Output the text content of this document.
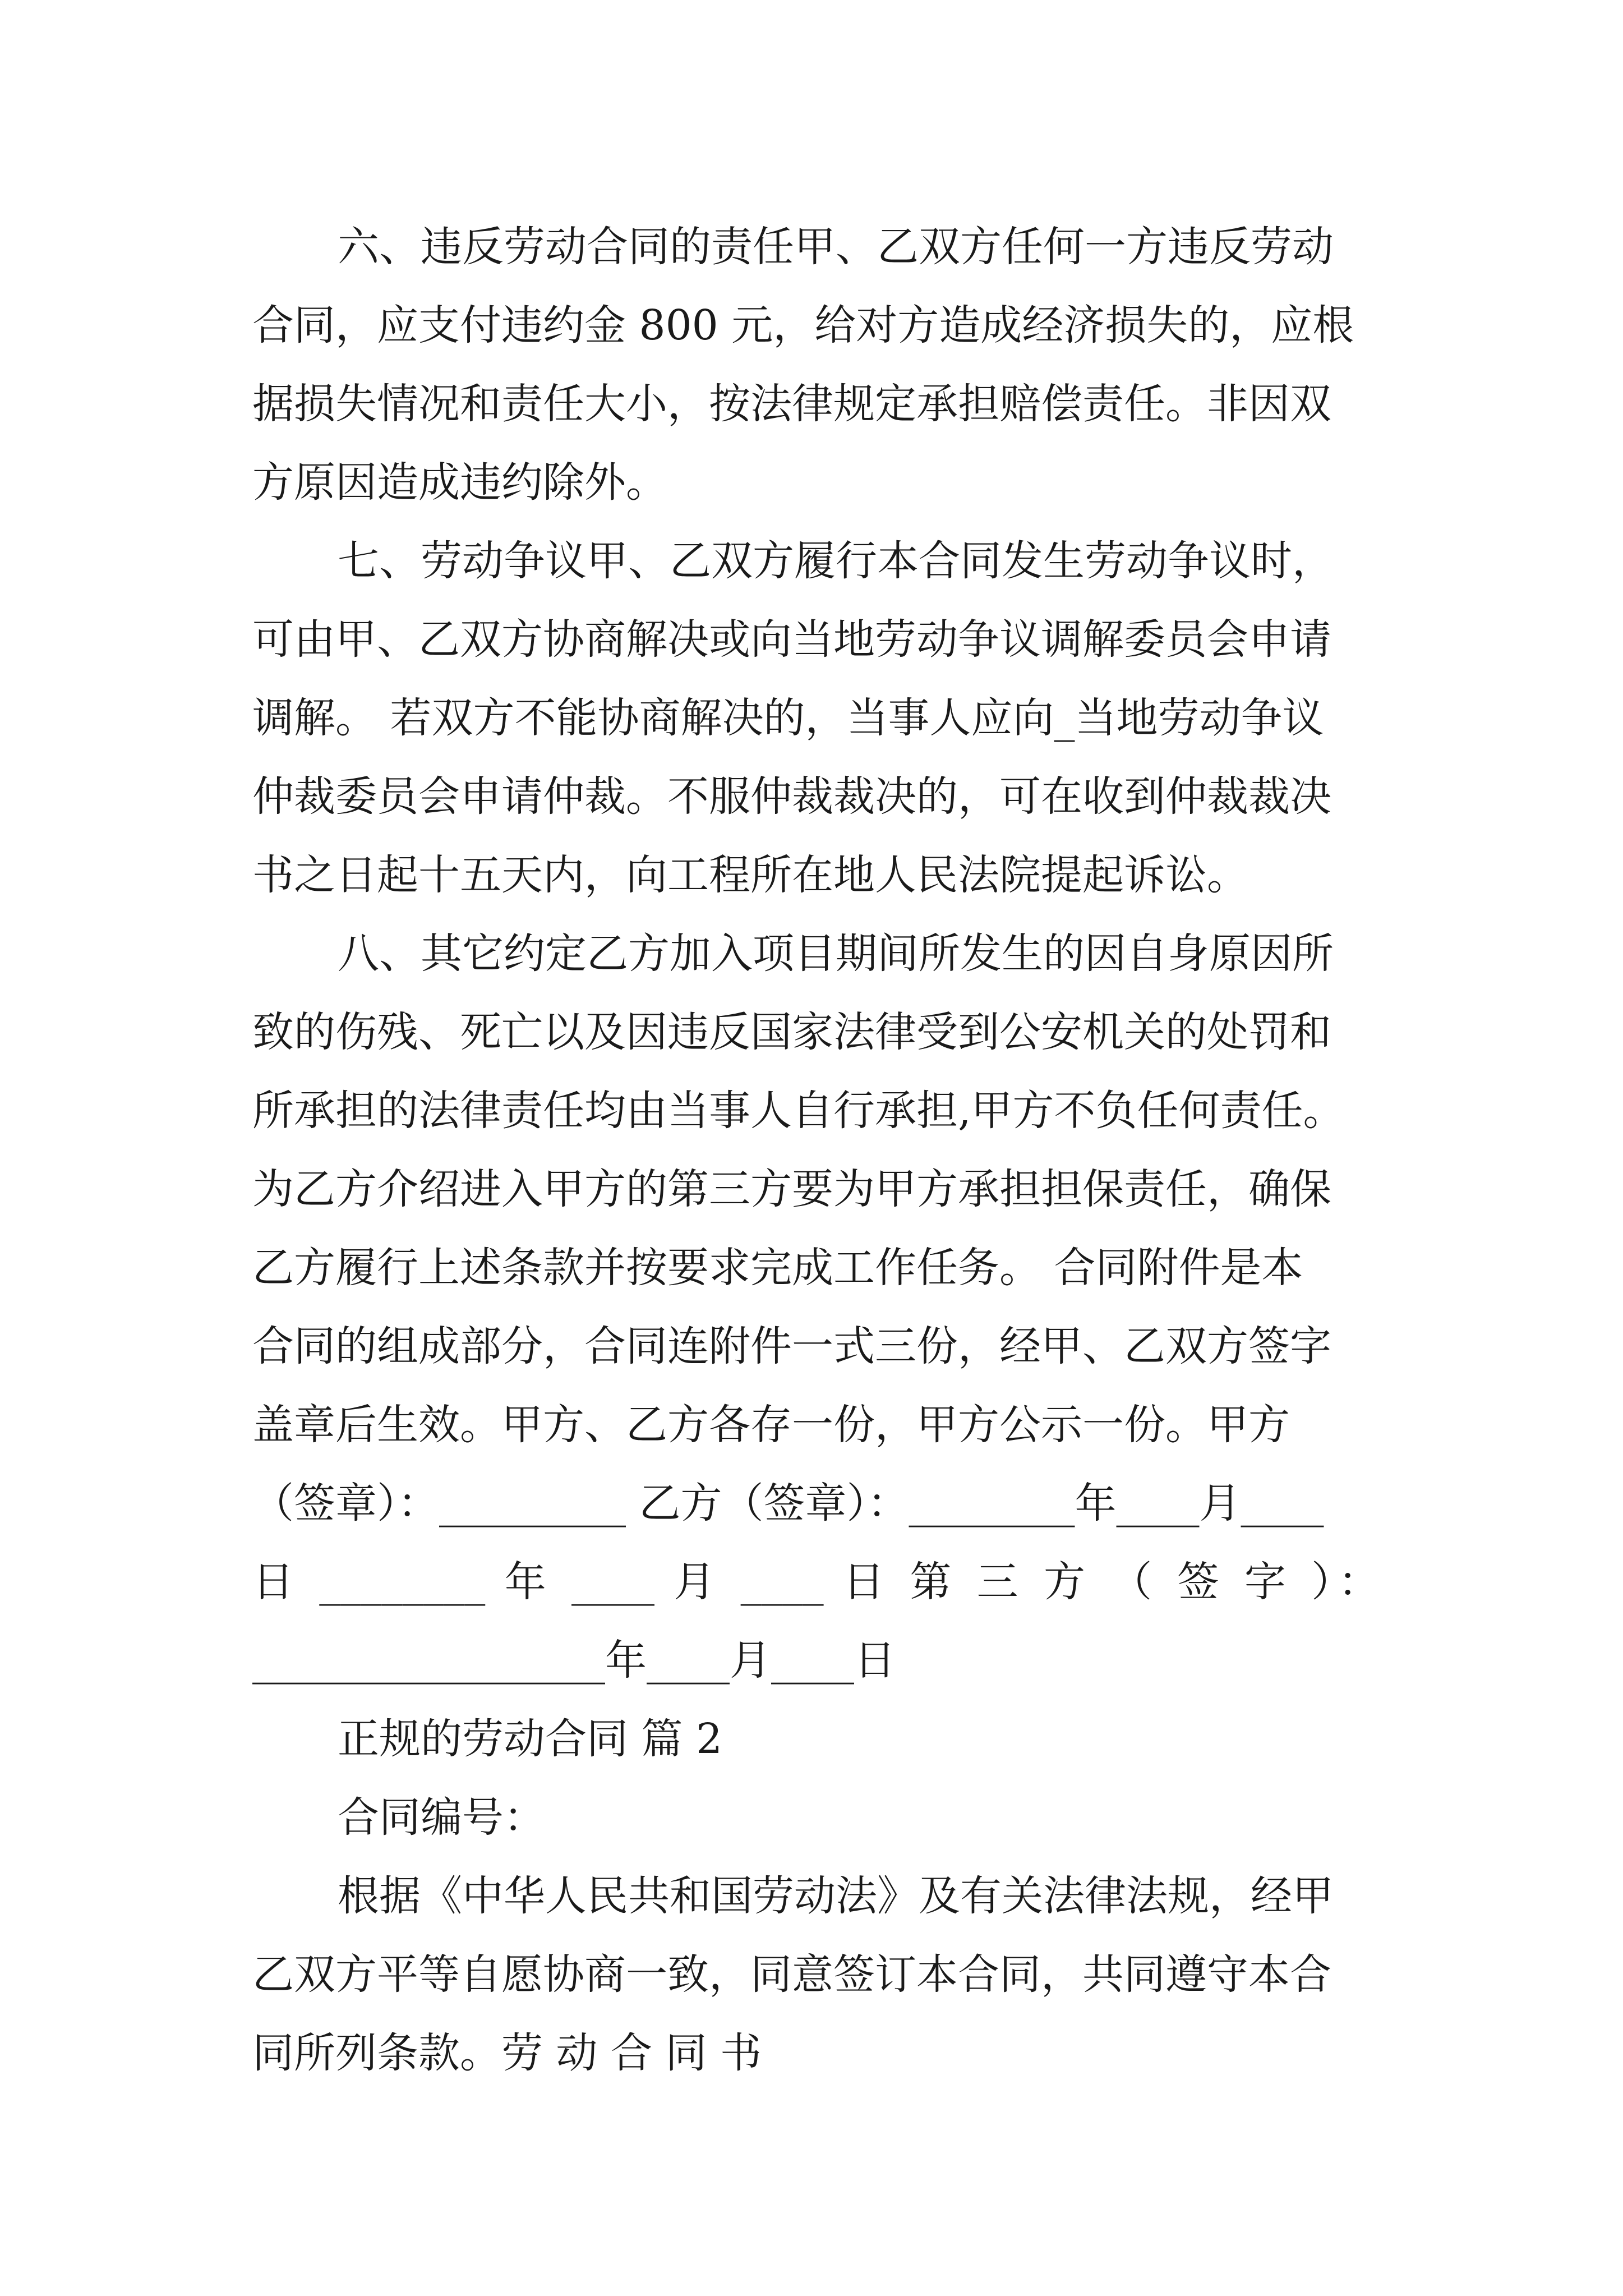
六、违反劳动合同的责任甲、乙双方任何一方违反劳动
合同，应支付违约金 800 元，给对方造成经济损失的，应根
据损失情况和责任大小，按法律规定承担赔偿责任。非因双
方原因造成违约除外。
七、劳动争议甲、乙双方履行本合同发生劳动争议时，
可由甲、乙双方协商解决或向当地劳动争议调解委员会申请
调解。 若双方不能协商解决的，当事人应向_当地劳动争议
仲裁委员会申请仲裁。不服仲裁裁决的，可在收到仲裁裁决
书之日起十五天内，向工程所在地人民法院提起诉讼。
八、其它约定乙方加入项目期间所发生的因自身原因所
致的伤残、死亡以及因违反国家法律受到公安机关的处罚和
所承担的法律责任均由当事人自行承担,甲方不负任何责任。
为乙方介绍进入甲方的第三方要为甲方承担担保责任，确保
乙方履行上述条款并按要求完成工作任务。 合同附件是本
合同的组成部分，合同连附件一式三份，经甲、乙双方签字
盖章后生效。甲方、乙方各存一份，甲方公示一份。甲方
（签章）：_________ 乙方（签章）：________年____月____
日 ________ 年 ____ 月 ____ 日 第 三 方 （ 签 字 ）：
_________________年____月____日
正规的劳动合同 篇 2
合同编号：
根据《中华人民共和国劳动法》及有关法律法规，经甲
乙双方平等自愿协商一致，同意签订本合同，共同遵守本合
同所列条款。劳 动 合 同 书
